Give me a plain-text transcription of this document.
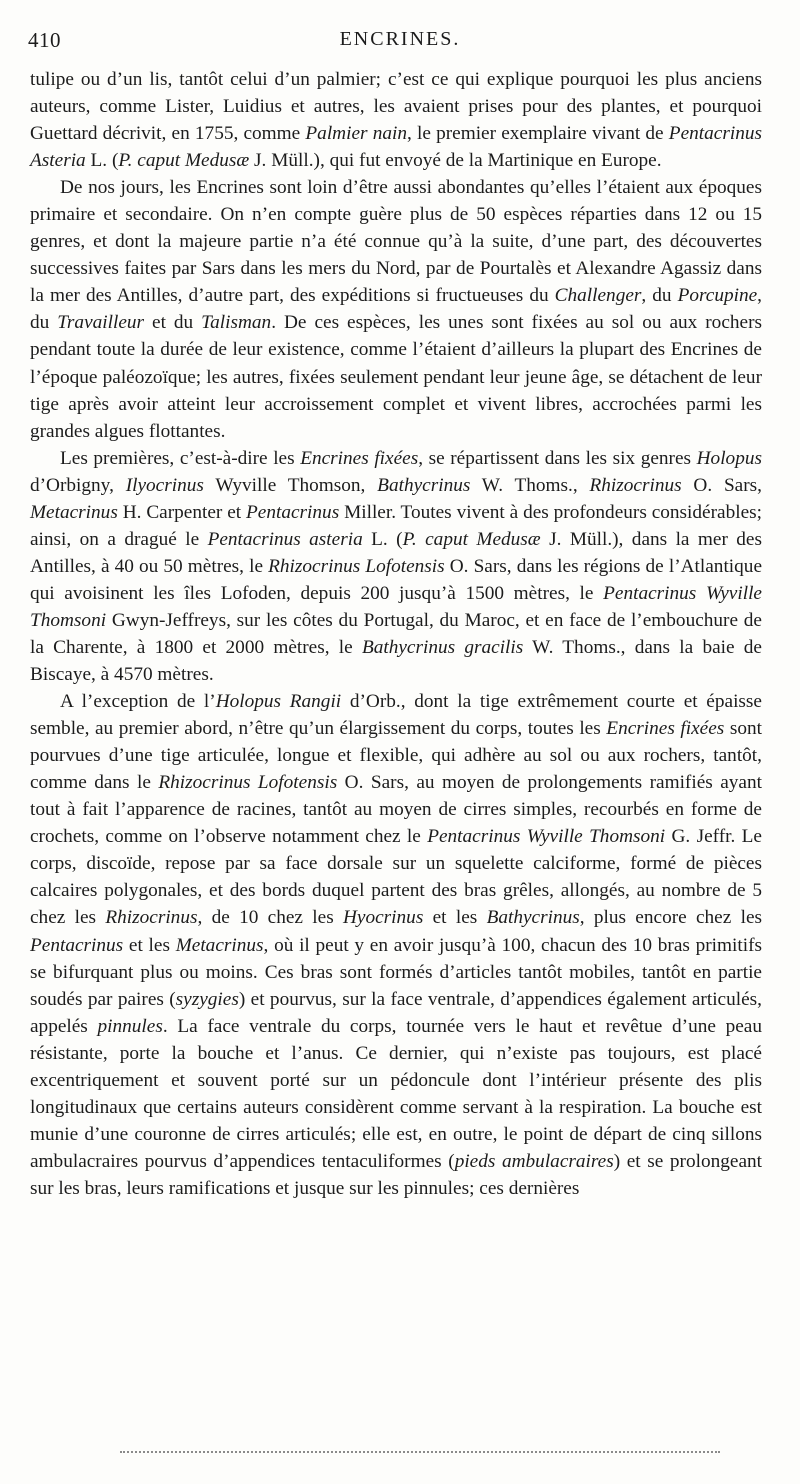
410	ENCRINES.

tulipe ou d’un lis, tantôt celui d’un palmier; c’est ce qui explique pourquoi les plus anciens auteurs, comme Lister, Luidius et autres, les avaient prises pour des plantes, et pourquoi Guettard décrivit, en 1755, comme Palmier nain, le premier exemplaire vivant de Pentacrinus Asteria L. (P. caput Medusæ J. Müll.), qui fut envoyé de la Martinique en Europe.

De nos jours, les Encrines sont loin d’être aussi abondantes qu’elles l’étaient aux époques primaire et secondaire. On n’en compte guère plus de 50 espèces réparties dans 12 ou 15 genres, et dont la majeure partie n’a été connue qu’à la suite, d’une part, des découvertes successives faites par Sars dans les mers du Nord, par de Pourtalès et Alexandre Agassiz dans la mer des Antilles, d’autre part, des expéditions si fructueuses du Challenger, du Porcupine, du Travailleur et du Talisman. De ces espèces, les unes sont fixées au sol ou aux rochers pendant toute la durée de leur existence, comme l’étaient d’ailleurs la plupart des Encrines de l’époque paléozoïque; les autres, fixées seulement pendant leur jeune âge, se détachent de leur tige après avoir atteint leur accroissement complet et vivent libres, accrochées parmi les grandes algues flottantes.

Les premières, c’est-à-dire les Encrines fixées, se répartissent dans les six genres Holopus d’Orbigny, Ilyocrinus Wyville Thomson, Bathycrinus W. Thoms., Rhizocrinus O. Sars, Metacrinus H. Carpenter et Pentacrinus Miller. Toutes vivent à des profondeurs considérables; ainsi, on a dragué le Pentacrinus asteria L. (P. caput Medusæ J. Müll.), dans la mer des Antilles, à 40 ou 50 mètres, le Rhizocrinus Lofotensis O. Sars, dans les régions de l’Atlantique qui avoisinent les îles Lofoden, depuis 200 jusqu’à 1500 mètres, le Pentacrinus Wyville Thomsoni Gwyn-Jeffreys, sur les côtes du Portugal, du Maroc, et en face de l’embouchure de la Charente, à 1800 et 2000 mètres, le Bathycrinus gracilis W. Thoms., dans la baie de Biscaye, à 4570 mètres.

A l’exception de l’Holopus Rangii d’Orb., dont la tige extrêmement courte et épaisse semble, au premier abord, n’être qu’un élargissement du corps, toutes les Encrines fixées sont pourvues d’une tige articulée, longue et flexible, qui adhère au sol ou aux rochers, tantôt, comme dans le Rhizocrinus Lofotensis O. Sars, au moyen de prolongements ramifiés ayant tout à fait l’apparence de racines, tantôt au moyen de cirres simples, recourbés en forme de crochets, comme on l’observe notamment chez le Pentacrinus Wyville Thomsoni G. Jeffr. Le corps, discoïde, repose par sa face dorsale sur un squelette calciforme, formé de pièces calcaires polygonales, et des bords duquel partent des bras grêles, allongés, au nombre de 5 chez les Rhizocrinus, de 10 chez les Hyocrinus et les Bathycrinus, plus encore chez les Pentacrinus et les Metacrinus, où il peut y en avoir jusqu’à 100, chacun des 10 bras primitifs se bifurquant plus ou moins. Ces bras sont formés d’articles tantôt mobiles, tantôt en partie soudés par paires (syzygies) et pourvus, sur la face ventrale, d’appendices également articulés, appelés pinnules. La face ventrale du corps, tournée vers le haut et revêtue d’une peau résistante, porte la bouche et l’anus. Ce dernier, qui n’existe pas toujours, est placé excentriquement et souvent porté sur un pédoncule dont l’intérieur présente des plis longitudinaux que certains auteurs considèrent comme servant à la respiration. La bouche est munie d’une couronne de cirres articulés; elle est, en outre, le point de départ de cinq sillons ambulacraires pourvus d’appendices tentaculiformes (pieds ambulacraires) et se prolongeant sur les bras, leurs ramifications et jusque sur les pinnules; ces dernières
